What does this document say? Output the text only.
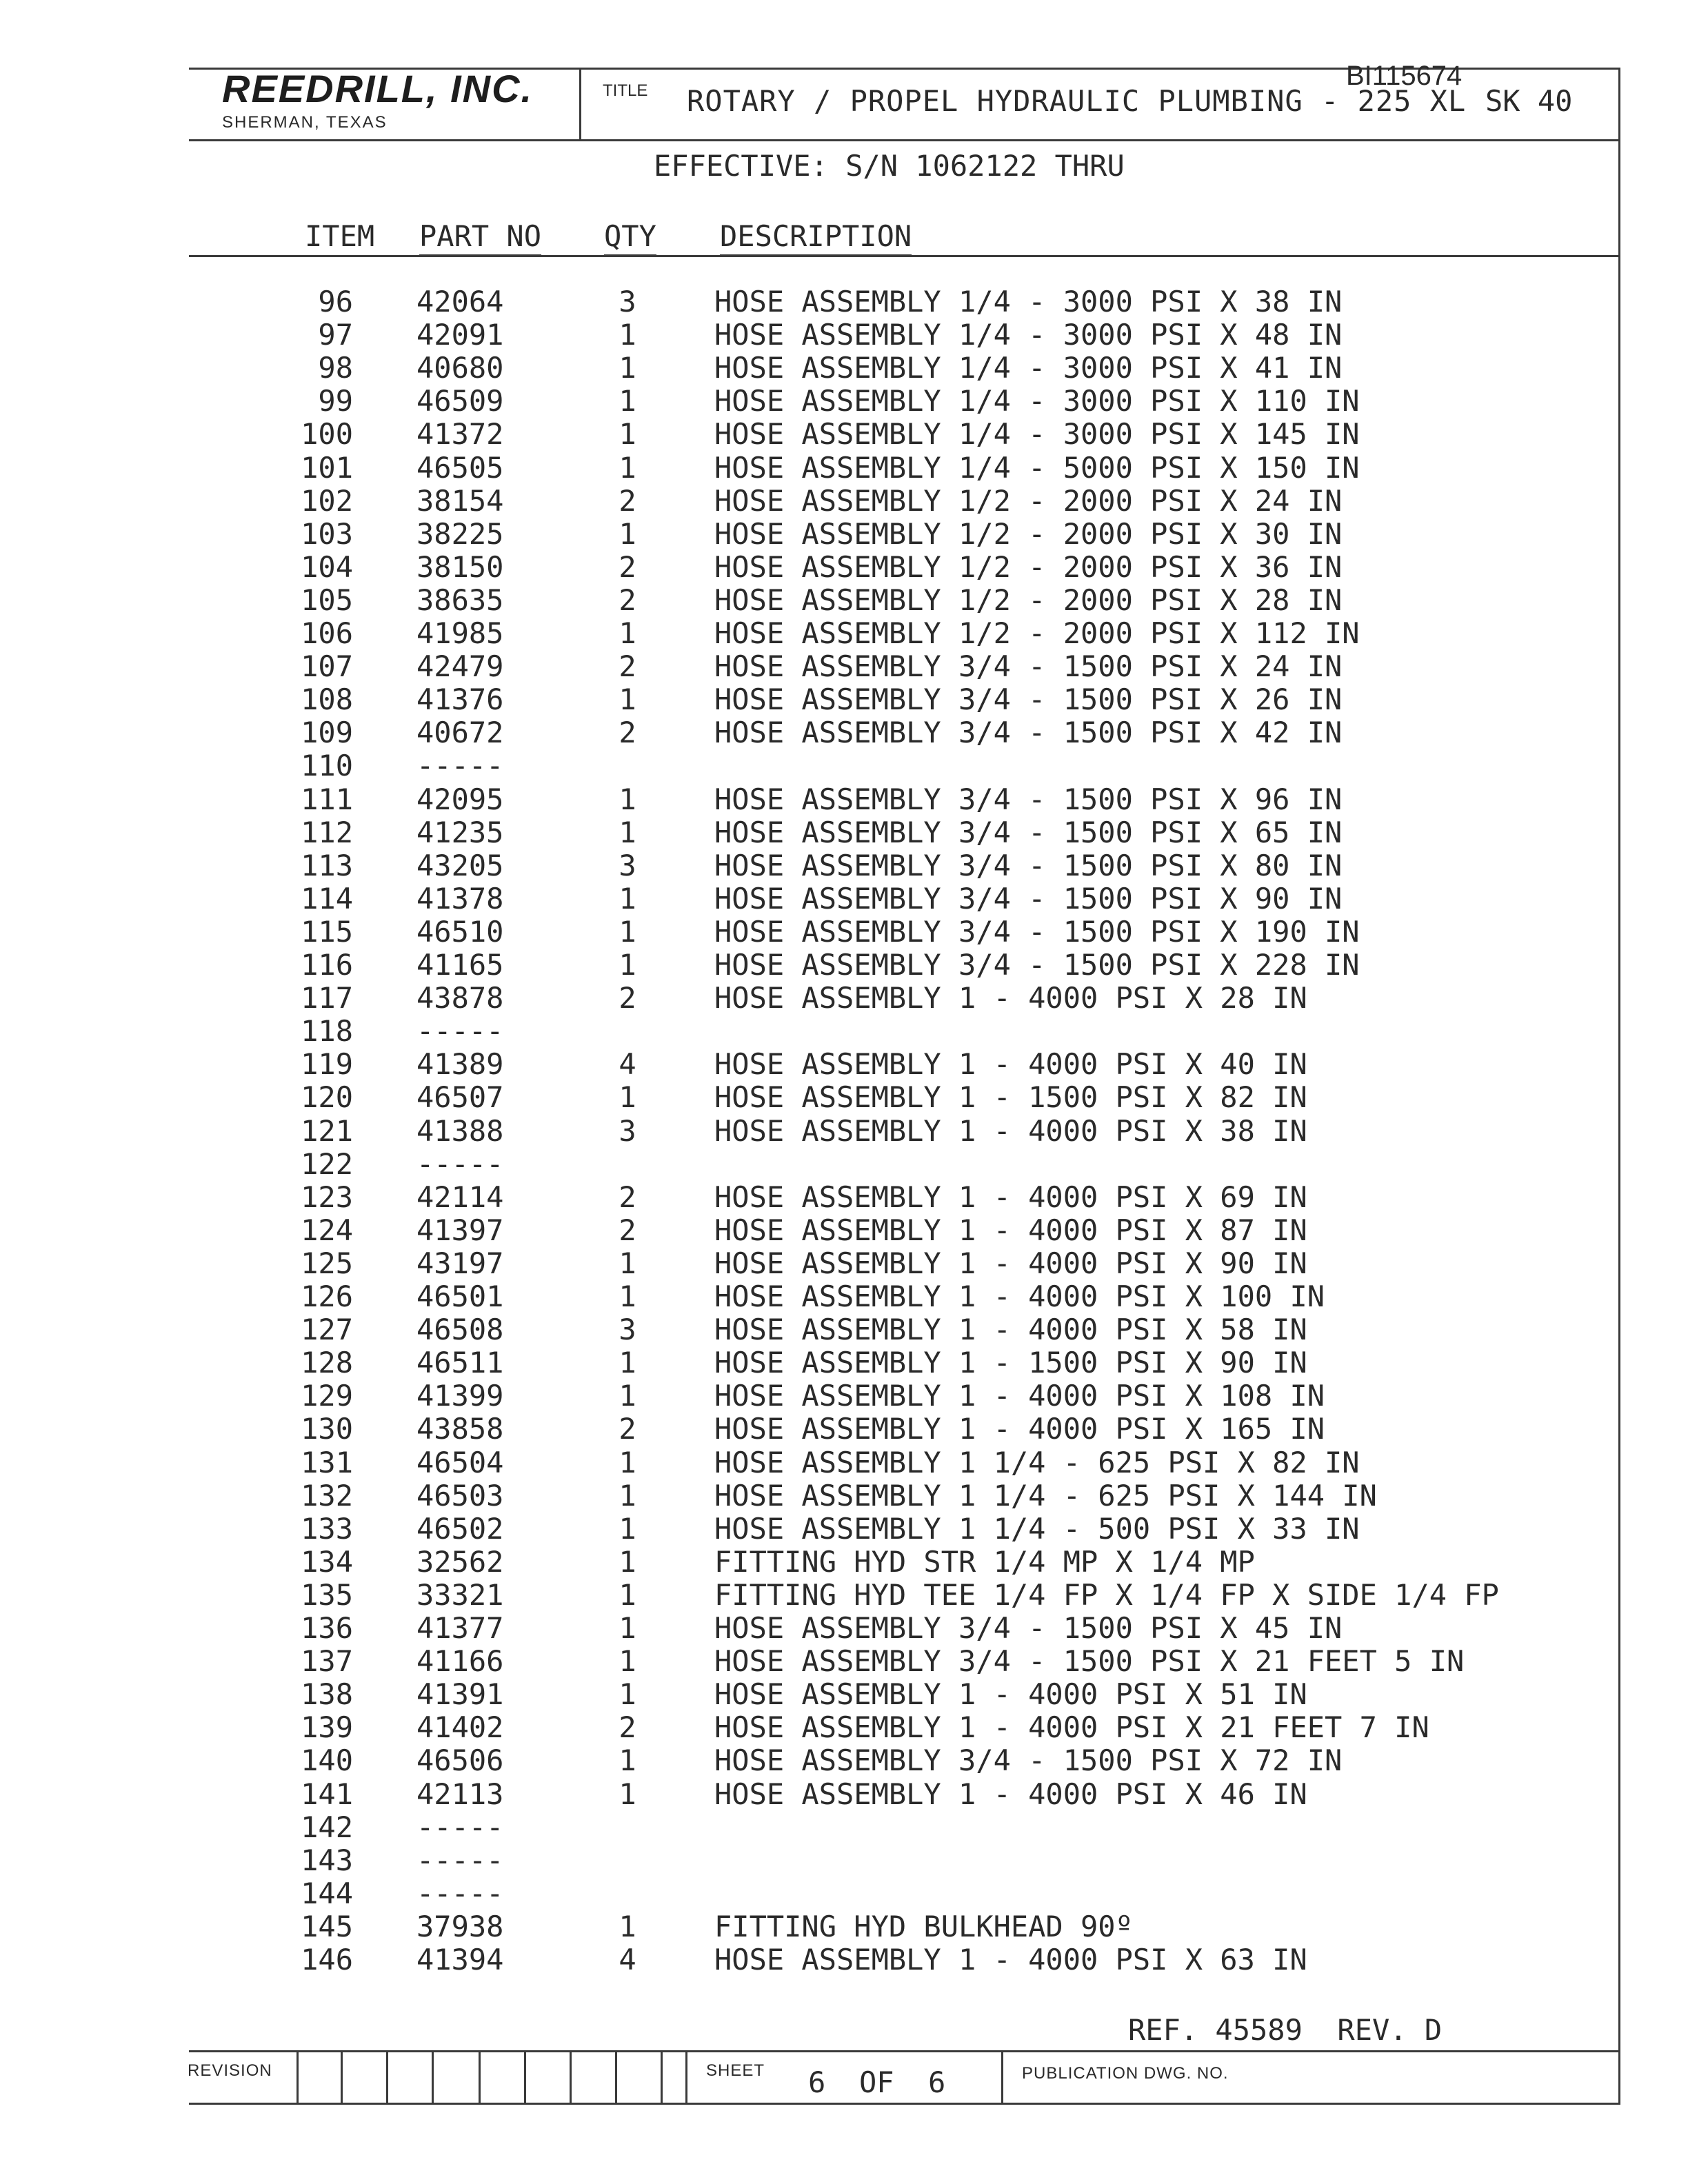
REEDRILL, INC.
SHERMAN, TEXAS
TITLE ROTARY / PROPEL HYDRAULIC PLUMBING - 225 XL
BI115674
SK 40
EFFECTIVE: S/N 1062122 THRU
ITEM PART NO QTY DESCRIPTION
96 42064	3	HOSE ASSEMBLY 1/4 - 3000 PSI X 38 IN
97 42091	1	HOSE ASSEMBLY 1/4 - 3000 PSI X 48 IN
98 40680	1	HOSE ASSEMBLY 1/4 - 3000 PSI X 41 IN
99 46509	1	HOSE ASSEMBLY 1/4 - 3000 PSI X 110 IN
100 41372	1	HOSE ASSEMBLY 1/4 - 3000 PSI X 145 IN
101 46505	1	HOSE ASSEMBLY 1/4 - 5000 PSI X 150 IN
102 38154	2	HOSE ASSEMBLY 1/2 - 2000 PSI X 24 IN
103 38225	1	HOSE ASSEMBLY 1/2 - 2000 PSI X 30 IN
104 38150	2	HOSE ASSEMBLY 1/2 - 2000 PSI X 36 IN
105 38635	2	HOSE ASSEMBLY 1/2 - 2000 PSI X 28 IN
106 41985	1	HOSE ASSEMBLY 1/2 - 2000 PSI X 112 IN
107 42479	2	HOSE ASSEMBLY 3/4 - 1500 PSI X 24 IN
108 41376	1	HOSE ASSEMBLY 3/4 - 1500 PSI X 26 IN
109 40672	2	HOSE ASSEMBLY 3/4 - 1500 PSI X 42 IN
110 -----
111 42095	1	HOSE ASSEMBLY 3/4 - 1500 PSI X 96 IN
112 41235	1	HOSE ASSEMBLY 3/4 - 1500 PSI X 65 IN
113 43205	3	HOSE ASSEMBLY 3/4 - 1500 PSI X 80 IN
114 41378	1	HOSE ASSEMBLY 3/4 - 1500 PSI X 90 IN
115 46510	1	HOSE ASSEMBLY 3/4 - 1500 PSI X 190 IN
116 41165	1	HOSE ASSEMBLY 3/4 - 1500 PSI X 228 IN
117 43878	2	HOSE ASSEMBLY 1 - 4000 PSI X 28 IN
118 -----
119 41389	4	HOSE ASSEMBLY 1 - 4000 PSI X 40 IN
120 46507	1	HOSE ASSEMBLY 1 - 1500 PSI X 82 IN
121 41388	3	HOSE ASSEMBLY 1 - 4000 PSI X 38 IN
122 -----
123 42114	2	HOSE ASSEMBLY 1 - 4000 PSI X 69 IN
124 41397	2	HOSE ASSEMBLY 1 - 4000 PSI X 87 IN
125 43197	1	HOSE ASSEMBLY 1 - 4000 PSI X 90 IN
126 46501	1	HOSE ASSEMBLY 1 - 4000 PSI X 100 IN
127 46508	3	HOSE ASSEMBLY 1 - 4000 PSI X 58 IN
128 46511	1	HOSE ASSEMBLY 1 - 1500 PSI X 90 IN
129 41399	1	HOSE ASSEMBLY 1 - 4000 PSI X 108 IN
130 43858	2	HOSE ASSEMBLY 1 - 4000 PSI X 165 IN
131 46504	1	HOSE ASSEMBLY 1 1/4 - 625 PSI X 82 IN
132 46503	1	HOSE ASSEMBLY 1 1/4 - 625 PSI X 144 IN
133 46502	1	HOSE ASSEMBLY 1 1/4 - 500 PSI X 33 IN
134 32562	1	FITTING HYD STR 1/4 MP X 1/4 MP
135 33321	1	FITTING HYD TEE 1/4 FP X 1/4 FP X SIDE 1/4 FP
136 41377	1	HOSE ASSEMBLY 3/4 - 1500 PSI X 45 IN
137 41166	1	HOSE ASSEMBLY 3/4 - 1500 PSI X 21 FEET 5 IN
138 41391	1	HOSE ASSEMBLY 1 - 4000 PSI X 51 IN
139 41402	2	HOSE ASSEMBLY 1 - 4000 PSI X 21 FEET 7 IN
140 46506	1	HOSE ASSEMBLY 3/4 - 1500 PSI X 72 IN
141 42113	1	HOSE ASSEMBLY 1 - 4000 PSI X 46 IN
142 -----
143 -----
144 -----
145 37938	1	FITTING HYD BULKHEAD 90º
146 41394	4	HOSE ASSEMBLY 1 - 4000 PSI X 63 IN
REF. 45589  REV. D
REVISION	SHEET 6 OF 6	PUBLICATION DWG. NO.
